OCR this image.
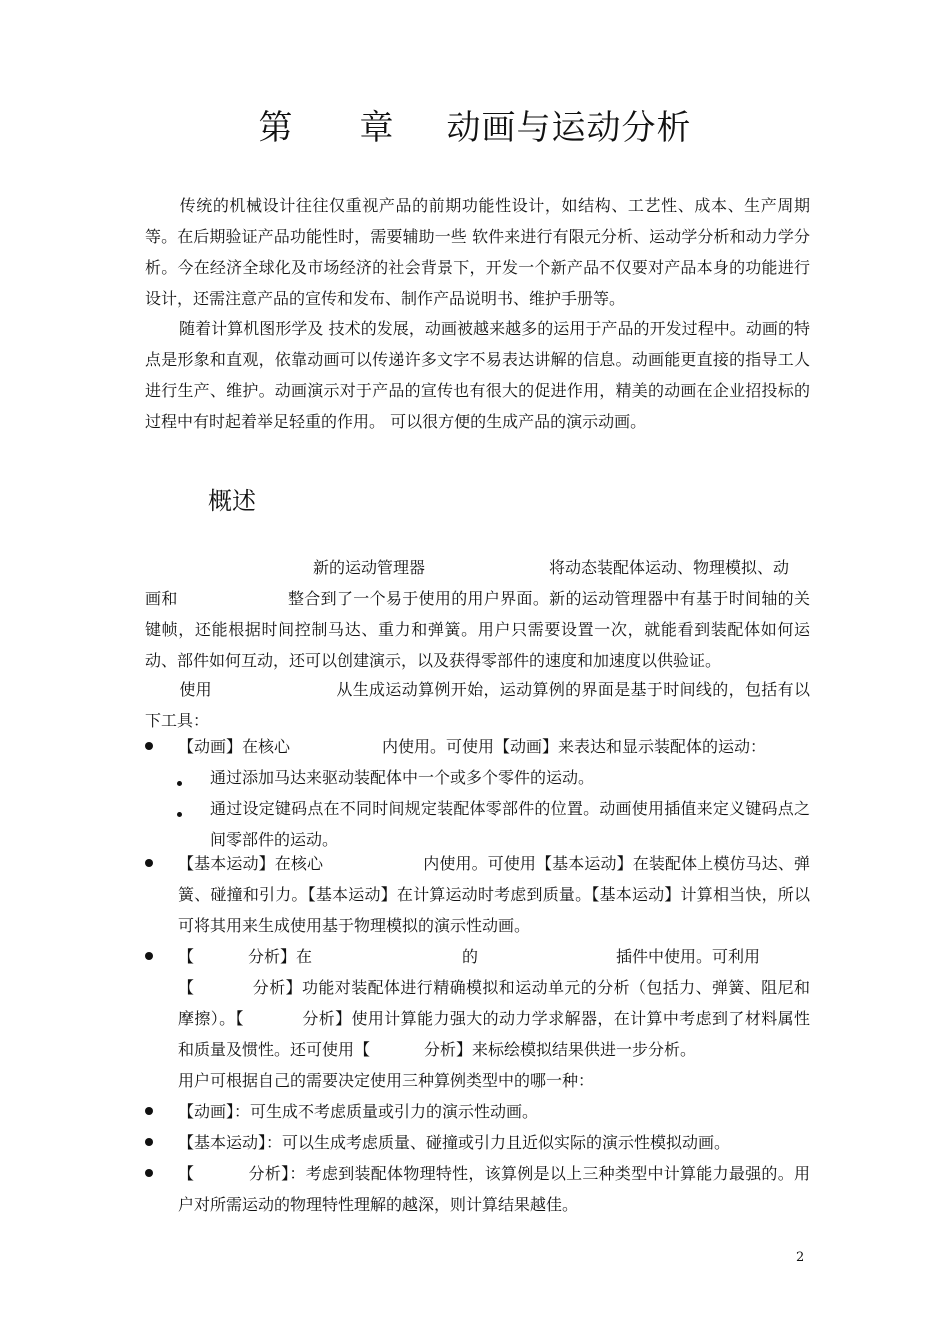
第 章 动画与运动分析
传统的机械设计往往仅重视产品的前期功能性设计，如结构、工艺性、成本、生产周期等。在后期验证产品功能性时，需要辅助一些 软件来进行有限元分析、运动学分析和动力学分析。今在经济全球化及市场经济的社会背景下，开发一个新产品不仅要对产品本身的功能进行设计，还需注意产品的宣传和发布、制作产品说明书、维护手册等。
随着计算机图形学及 技术的发展，动画被越来越多的运用于产品的开发过程中。动画的特点是形象和直观，依靠动画可以传递许多文字不易表达讲解的信息。动画能更直接的指导工人进行生产、维护。动画演示对于产品的宣传也有很大的促进作用，精美的动画在企业招投标的过程中有时起着举足轻重的作用。 可以很方便的生成产品的演示动画。
概述
新的运动管理器	将动态装配体运动、物理模拟、动
画和	整合到了一个易于使用的用户界面。新的运动管理器中有基于时间轴的关键帧，还能根据时间控制马达、重力和弹簧。用户只需要设置一次，就能看到装配体如何运动、部件如何互动，还可以创建演示，以及获得零部件的速度和加速度以供验证。
使用	从生成运动算例开始，运动算例的界面是基于时间线的，包括有以下工具：
【动画】在核心	内使用。可使用【动画】来表达和显示装配体的运动：
通过添加马达来驱动装配体中一个或多个零件的运动。
通过设定键码点在不同时间规定装配体零部件的位置。动画使用插值来定义键码点之间零部件的运动。
【基本运动】在核心	内使用。可使用【基本运动】在装配体上模仿马达、弹簧、碰撞和引力。【基本运动】在计算运动时考虑到质量。【基本运动】计算相当快，所以可将其用来生成使用基于物理模拟的演示性动画。
【	分析】在	的	插件中使用。可利用
【	分析】功能对装配体进行精确模拟和运动单元的分析（包括力、弹簧、阻尼和摩擦）。【	分析】使用计算能力强大的动力学求解器，在计算中考虑到了材料属性和质量及惯性。还可使用【	分析】来标绘模拟结果供进一步分析。
用户可根据自己的需要决定使用三种算例类型中的哪一种：
【动画】：可生成不考虑质量或引力的演示性动画。
【基本运动】：可以生成考虑质量、碰撞或引力且近似实际的演示性模拟动画。
【	分析】：考虑到装配体物理特性，该算例是以上三种类型中计算能力最强的。用户对所需运动的物理特性理解的越深，则计算结果越佳。
2
